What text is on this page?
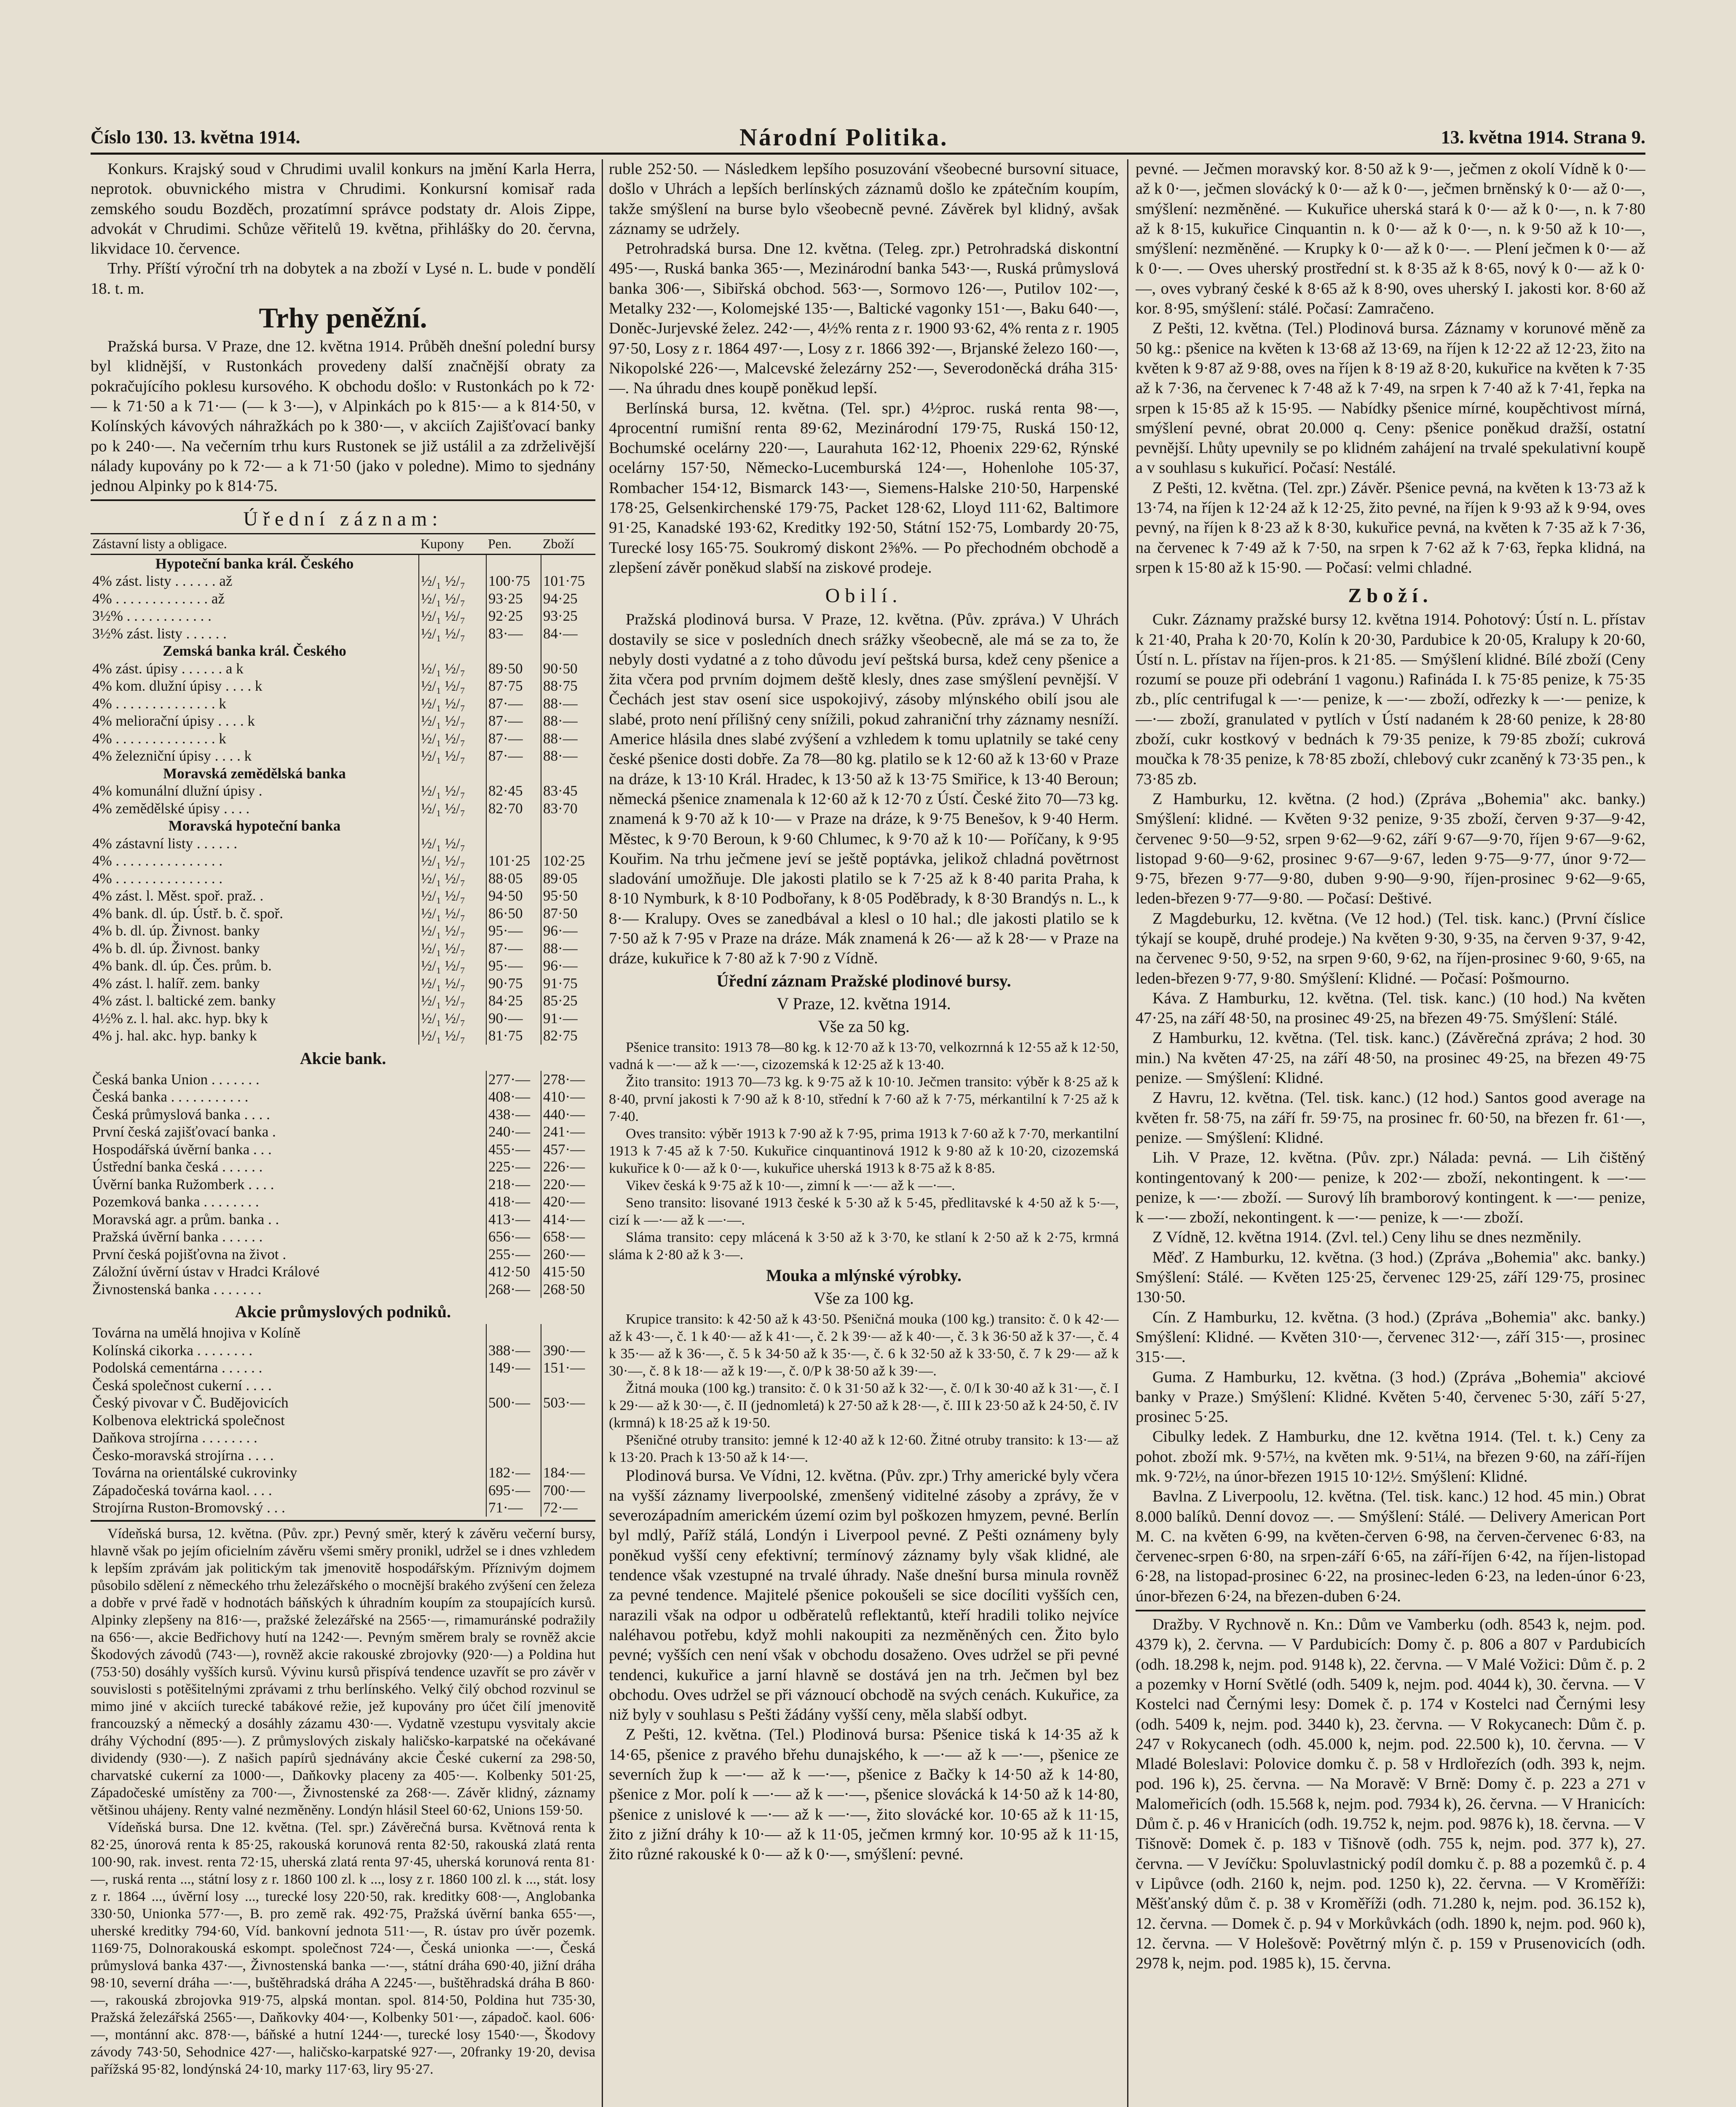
Číslo 130. 13. května 1914.	Národní Politika.	13. května 1914. Strana 9.

Konkurs. Krajský soud v Chrudimi uvalil konkurs na jmění Karla Herra, neprotok. obuvnického mistra v Chrudimi. Konkursní komisař rada zemského soudu Bozděch, prozatímní správce podstaty dr. Alois Zippe, advokát v Chrudimi. Schůze věřitelů 19. května, přihlášky do 20. června, likvidace 10. července.

Trhy. Příští výroční trh na dobytek a na zboží v Lysé n. L. bude v pondělí 18. t. m.

Trhy peněžní.

Pražská bursa. V Praze, dne 12. května 1914. Průběh dnešní polední bursy byl klidnější, v Rustonkách provedeny další značnější obraty za pokračujícího poklesu kursového. K obchodu došlo: v Rustonkách po k 72·— k 71·50 a k 71·— (— k 3·—), v Alpinkách po k 815·— a k 814·50, v Kolínských kávových náhražkách po k 380·—, v akciích Zajišťovací banky po k 240·—. Na večerním trhu kurs Rustonek se již ustálil a za zdrželivější nálady kupovány po k 72·— a k 71·50 (jako v poledne). Mimo to sjednány jednou Alpinky po k 814·75.

Úřední záznam:
Zástavní listy a obligace.	Kupony	Pen.	Zboží
Hypoteční banka král. Českého			
4% zást. listy . . . . . . až	½/₁ ½/₇	100·75	101·75
4% . . . . . . . . . . . . . až	½/₁ ½/₇	93·25	94·25
3½% . . . . . . . . . . . .	½/₁ ½/₇	92·25	93·25
3½% zást. listy . . . . . .	½/₁ ½/₇	83·—	84·—
Zemská banka král. Českého			
4% zást. úpisy . . . . . . a k	½/₁ ½/₇	89·50	90·50
4% kom. dlužní úpisy . . . . k	½/₁ ½/₇	87·75	88·75
4% . . . . . . . . . . . . . . k	½/₁ ½/₇	87·—	88·—
4% meliorační úpisy . . . . k	½/₁ ½/₇	87·—	88·—
4% . . . . . . . . . . . . . . k	½/₁ ½/₇	87·—	88·—
4% železniční úpisy . . . . k	½/₁ ½/₇	87·—	88·—
Moravská zemědělská banka			
4% komunální dlužní úpisy .	½/₁ ½/₇	82·45	83·45
4% zemědělské úpisy . . . .	½/₁ ½/₇	82·70	83·70
Moravská hypoteční banka			
4% zástavní listy . . . . . .	½/₁ ½/₇		
4% . . . . . . . . . . . . . . .	½/₁ ½/₇	101·25	102·25
4% . . . . . . . . . . . . . . .	½/₁ ½/₇	88·05	89·05
4% zást. l. Měst. spoř. praž. .	½/₁ ½/₇	94·50	95·50
4% bank. dl. úp. Ústř. b. č. spoř.	½/₁ ½/₇	86·50	87·50
4% b. dl. úp. Živnost. banky	½/₁ ½/₇	95·—	96·—
4% b. dl. úp. Živnost. banky	½/₁ ½/₇	87·—	88·—
4% bank. dl. úp. Čes. prům. b.	½/₁ ½/₇	95·—	96·—
4% zást. l. halíř. zem. banky	½/₁ ½/₇	90·75	91·75
4% zást. l. baltické zem. banky	½/₁ ½/₇	84·25	85·25
4½% z. l. hal. akc. hyp. bky k	½/₁ ½/₇	90·—	91·—
4% j. hal. akc. hyp. banky k	½/₁ ½/₇	81·75	82·75
Akcie bank.
Česká banka Union . . . . . . .	277·—	278·—
Česká banka . . . . . . . . . . .	408·—	410·—
Česká průmyslová banka . . . .	438·—	440·—
První česká zajišťovací banka .	240·—	241·—
Hospodářská úvěrní banka . . .	455·—	457·—
Ústřední banka česká . . . . . .	225·—	226·—
Úvěrní banka Ružomberk . . . .	218·—	220·—
Pozemková banka . . . . . . . .	418·—	420·—
Moravská agr. a prům. banka . .	413·—	414·—
Pražská úvěrní banka . . . . . .	656·—	658·—
První česká pojišťovna na život .	255·—	260·—
Záložní úvěrní ústav v Hradci Králové	412·50	415·50
Živnostenská banka . . . . . . .	268·—	268·50
Akcie průmyslových podniků.
Továrna na umělá hnojiva v Kolíně		
Kolínská cikorka . . . . . . . .	388·—	390·—
Podolská cementárna . . . . . .	149·—	151·—
Česká společnost cukerní . . . .		
Český pivovar v Č. Budějovicích	500·—	503·—
Kolbenova elektrická společnost		
Daňkova strojírna . . . . . . . .		
Česko-moravská strojírna . . . .		
Továrna na orientálské cukrovinky	182·—	184·—
Západočeská továrna kaol. . . .	695·—	700·—
Strojírna Ruston-Bromovský . . .	71·—	72·—

Vídeňská bursa, 12. května. (Pův. zpr.) Pevný směr, který k závěru večerní bursy, hlavně však po jejím oficielním závěru všemi směry pronikl, udržel se i dnes vzhledem k lepším zprávám jak politickým tak jmenovitě hospodářským. Příznivým dojmem působilo sdělení z německého trhu železářského o mocnější brakého zvýšení cen železa a dobře v prvé řadě v hodnotách báňských k úhradním koupím za stoupajících kursů. Alpinky zlepšeny na 816·—, pražské železářské na 2565·—, rimamuránské podražily na 656·—, akcie Bedřichovy hutí na 1242·—. Pevným směrem braly se rovněž akcie Škodových závodů (743·—), rovněž akcie rakouské zbrojovky (920·—) a Poldina hut (753·50) dosáhly vyšších kursů. Vývinu kursů přispívá tendence uzavřít se pro závěr v souvislosti s potěšitelnými zprávami z trhu berlínského. Velký čilý obchod rozvinul se mimo jiné v akciích turecké tabákové režie, jež kupovány pro účet čilí jmenovitě francouzský a německý a dosáhly zázamu 430·—. Vydatně vzestupu vysvitaly akcie dráhy Východní (895·—). Z průmyslových ziskaly haličsko-karpatské na očekávané dividendy (930·—). Z našich papírů sjednávány akcie České cukerní za 298·50, charvatské cukerní za 1000·—, Daňkovky placeny za 405·—. Kolbenky 501·25, Západočeské umístěny za 700·—, Živnostenské za 268·—. Závěr klidný, záznamy většinou uhájeny. Renty valné nezměněny. Londýn hlásil Steel 60·62, Unions 159·50.

Vídeňská bursa. Dne 12. května. (Tel. spr.) Závěrečná bursa. Květnová renta k 82·25, únorová renta k 85·25, rakouská korunová renta 82·50, rakouská zlatá renta 100·90, rak. invest. renta 72·15, uherská zlatá renta 97·45, uherská korunová renta 81·—, ruská renta ..., státní losy z r. 1860 100 zl. k ..., losy z r. 1860 100 zl. k ..., stát. losy z r. 1864 ..., úvěrní losy ..., turecké losy 220·50, rak. kreditky 608·—, Anglobanka 330·50, Unionka 577·—, B. pro země rak. 492·75, Pražská úvěrní banka 655·—, uherské kreditky 794·60, Víd. bankovní jednota 511·—, R. ústav pro úvěr pozemk. 1169·75, Dolnorakouská eskompt. společnost 724·—, Česká unionka —·—, Česká průmyslová banka 437·—, Živnostenská banka —·—, státní dráha 690·40, jižní dráha 98·10, severní dráha —·—, buštěhradská dráha A 2245·—, buštěhradská dráha B 860·—, rakouská zbrojovka 919·75, alpská montan. spol. 814·50, Poldina hut 735·30, Pražská železářská 2565·—, Daňkovky 404·—, Kolbenky 501·—, západoč. kaol. 606·—, montánní akc. 878·—, báňské a hutní 1244·—, turecké losy 1540·—, Škodovy závody 743·50, Sehodnice 427·—, haličsko-karpatské 927·—, 20franky 19·20, devisa pařížská 95·82, londýnská 24·10, marky 117·63, liry 95·27.

ruble 252·50. — Následkem lepšího posuzování všeobecné bursovní situace, došlo v Uhrách a lepších berlínských záznamů došlo ke zpátečním koupím, takže smýšlení na burse bylo všeobecně pevné. Závěrek byl klidný, avšak záznamy se udržely.

Petrohradská bursa. Dne 12. května. (Teleg. zpr.) Petrohradská diskontní 495·—, Ruská banka 365·—, Mezinárodní banka 543·—, Ruská průmyslová banka 306·—, Sibiřská obchod. 563·—, Sormovo 126·—, Putilov 102·—, Metalky 232·—, Kolomejské 135·—, Baltické vagonky 151·—, Baku 640·—, Doněc-Jurjevské želez. 242·—, 4½% renta z r. 1900 93·62, 4% renta z r. 1905 97·50, Losy z r. 1864 497·—, Losy z r. 1866 392·—, Brjanské železo 160·—, Nikopolské 226·—, Malcevské železárny 252·—, Severodoněcká dráha 315·—. Na úhradu dnes koupě poněkud lepší.

Berlínská bursa, 12. května. (Tel. spr.) 4½proc. ruská renta 98·—, 4procentní rumišní renta 89·62, Mezinárodní 179·75, Ruská 150·12, Bochumské ocelárny 220·—, Laurahuta 162·12, Phoenix 229·62, Rýnské ocelárny 157·50, Německo-Lucemburská 124·—, Hohenlohe 105·37, Rombacher 154·12, Bismarck 143·—, Siemens-Halske 210·50, Harpenské 178·25, Gelsenkirchenské 179·75, Packet 128·62, Lloyd 111·62, Baltimore 91·25, Kanadské 193·62, Kreditky 192·50, Státní 152·75, Lombardy 20·75, Turecké losy 165·75. Soukromý diskont 2⅝%. — Po přechodném obchodě a zlepšení závěr poněkud slabší na ziskové prodeje.

Obilí.

Pražská plodinová bursa. V Praze, 12. května. (Pův. zpráva.) V Uhrách dostavily se sice v posledních dnech srážky všeobecně, ale má se za to, že nebyly dosti vydatné a z toho důvodu jeví peštská bursa, kdež ceny pšenice a žita včera pod prvním dojmem deště klesly, dnes zase smýšlení pevnější. V Čechách jest stav osení sice uspokojivý, zásoby mlýnského obilí jsou ale slabé, proto není přílišný ceny snížili, pokud zahraniční trhy záznamy nesníží. Americe hlásila dnes slabé zvýšení a vzhledem k tomu uplatnily se také ceny české pšenice dosti dobře. Za 78—80 kg. platilo se k 12·60 až k 13·60 v Praze na dráze, k 13·10 Král. Hradec, k 13·50 až k 13·75 Smiřice, k 13·40 Beroun; německá pšenice znamenala k 12·60 až k 12·70 z Ústí. České žito 70—73 kg. znamená k 9·70 až k 10·— v Praze na dráze, k 9·75 Benešov, k 9·40 Herm. Městec, k 9·70 Beroun, k 9·60 Chlumec, k 9·70 až k 10·— Poříčany, k 9·95 Kouřim. Na trhu ječmene jeví se ještě poptávka, jelikož chladná povětrnost sladování umožňuje. Dle jakosti platilo se k 7·25 až k 8·40 parita Praha, k 8·10 Nymburk, k 8·10 Podbořany, k 8·05 Poděbrady, k 8·30 Brandýs n. L., k 8·— Kralupy. Oves se zanedbával a klesl o 10 hal.; dle jakosti platilo se k 7·50 až k 7·95 v Praze na dráze. Mák znamená k 26·— až k 28·— v Praze na dráze, kukuřice k 7·80 až k 7·90 z Vídně.

Úřední záznam Pražské plodinové bursy.
V Praze, 12. května 1914.
Vše za 50 kg.

Pšenice transito: 1913 78—80 kg. k 12·70 až k 13·70, velkozrnná k 12·55 až k 12·50, vadná k —·— až k —·—, cizozemská k 12·25 až k 13·40.

Žito transito: 1913 70—73 kg. k 9·75 až k 10·10. Ječmen transito: výběr k 8·25 až k 8·40, první jakosti k 7·90 až k 8·10, střední k 7·60 až k 7·75, mérkantilní k 7·25 až k 7·40.

Oves transito: výběr 1913 k 7·90 až k 7·95, prima 1913 k 7·60 až k 7·70, merkantilní 1913 k 7·45 až k 7·50. Kukuřice cinquantinová 1912 k 9·80 až k 10·20, cizozemská kukuřice k 0·— až k 0·—, kukuřice uherská 1913 k 8·75 až k 8·85.

Vikev česká k 9·75 až k 10·—, zimní k —·— až k —·—.

Seno transito: lisované 1913 české k 5·30 až k 5·45, předlitavské k 4·50 až k 5·—, cizí k —·— až k —·—.

Sláma transito: cepy mlácená k 3·50 až k 3·70, ke stlaní k 2·50 až k 2·75, krmná sláma k 2·80 až k 3·—.

Mouka a mlýnské výrobky.
Vše za 100 kg.

Krupice transito: k 42·50 až k 43·50. Pšeničná mouka (100 kg.) transito: č. 0 k 42·— až k 43·—, č. 1 k 40·— až k 41·—, č. 2 k 39·— až k 40·—, č. 3 k 36·50 až k 37·—, č. 4 k 35·— až k 36·—, č. 5 k 34·50 až k 35·—, č. 6 k 32·50 až k 33·50, č. 7 k 29·— až k 30·—, č. 8 k 18·— až k 19·—, č. 0/P k 38·50 až k 39·—.

Žitná mouka (100 kg.) transito: č. 0 k 31·50 až k 32·—, č. 0/I k 30·40 až k 31·—, č. I k 29·— až k 30·—, č. II (jednomletá) k 27·50 až k 28·—, č. III k 23·50 až k 24·50, č. IV (krmná) k 18·25 až k 19·50.

Pšeničné otruby transito: jemné k 12·40 až k 12·60. Žitné otruby transito: k 13·— až k 13·20. Prach k 13·50 až k 14·—.

Plodinová bursa. Ve Vídni, 12. května. (Pův. zpr.) Trhy americké byly včera na vyšší záznamy liverpoolské, zmenšený viditelné zásoby a zprávy, že v severozápadním americkém území ozim byl poškozen hmyzem, pevné. Berlín byl mdlý, Paříž stálá, Londýn i Liverpool pevné. Z Pešti oznámeny byly poněkud vyšší ceny efektivní; termínový záznamy byly však klidné, ale tendence však vzestupné na trvalé úhrady. Naše dnešní bursa minula rovněž za pevné tendence. Majitelé pšenice pokoušeli se sice docíliti vyšších cen, narazili však na odpor u odběratelů reflektantů, kteří hradili toliko nejvíce naléhavou potřebu, když mohli nakoupiti za nezměněných cen. Žito bylo pevné; vyšších cen není však v obchodu dosaženo. Oves udržel se při pevné tendenci, kukuřice a jarní hlavně se dostává jen na trh. Ječmen byl bez obchodu. Oves udržel se při váznoucí obchodě na svých cenách. Kukuřice, za niž byly v souhlasu s Pešti žádány vyšší ceny, měla slabší odbyt.

Z Pešti, 12. května. (Tel.) Plodinová bursa: Pšenice tiská k 14·35 až k 14·65, pšenice z pravého břehu dunajského, k —·— až k —·—, pšenice ze severních žup k —·— až k —·—, pšenice z Bačky k 14·50 až k 14·80, pšenice z Mor. polí k —·— až k —·—, pšenice slovácká k 14·50 až k 14·80, pšenice z unislové k —·— až k —·—, žito slovácké kor. 10·65 až k 11·15, žito z jižní dráhy k 10·— až k 11·05, ječmen krmný kor. 10·95 až k 11·15, žito různé rakouské k 0·— až k 0·—, smýšlení: pevné.

pevné. — Ječmen moravský kor. 8·50 až k 9·—, ječmen z okolí Vídně k 0·— až k 0·—, ječmen slovácký k 0·— až k 0·—, ječmen brněnský k 0·— až 0·—, smýšlení: nezměněné. — Kukuřice uherská stará k 0·— až k 0·—, n. k 7·80 až k 8·15, kukuřice Cinquantin n. k 0·— až k 0·—, n. k 9·50 až k 10·—, smýšlení: nezměněné. — Krupky k 0·— až k 0·—. — Plení ječmen k 0·— až k 0·—. — Oves uherský prostřední st. k 8·35 až k 8·65, nový k 0·— až k 0·—, oves vybraný české k 8·65 až k 8·90, oves uherský I. jakosti kor. 8·60 až kor. 8·95, smýšlení: stálé. Počasí: Zamračeno.

Z Pešti, 12. května. (Tel.) Plodinová bursa. Záznamy v korunové měně za 50 kg.: pšenice na květen k 13·68 až 13·69, na říjen k 12·22 až 12·23, žito na květen k 9·87 až 9·88, oves na říjen k 8·19 až 8·20, kukuřice na květen k 7·35 až k 7·36, na červenec k 7·48 až k 7·49, na srpen k 7·40 až k 7·41, řepka na srpen k 15·85 až k 15·95. — Nabídky pšenice mírné, koupěchtivost mírná, smýšlení pevné, obrat 20.000 q. Ceny: pšenice poněkud dražší, ostatní pevnější. Lhůty upevnily se po klidném zahájení na trvalé spekulativní koupě a v souhlasu s kukuřicí. Počasí: Nestálé.

Z Pešti, 12. května. (Tel. zpr.) Závěr. Pšenice pevná, na květen k 13·73 až k 13·74, na říjen k 12·24 až k 12·25, žito pevné, na říjen k 9·93 až k 9·94, oves pevný, na říjen k 8·23 až k 8·30, kukuřice pevná, na květen k 7·35 až k 7·36, na červenec k 7·49 až k 7·50, na srpen k 7·62 až k 7·63, řepka klidná, na srpen k 15·80 až k 15·90. — Počasí: velmi chladné.

Zboží.

Cukr. Záznamy pražské bursy 12. května 1914. Pohotový: Ústí n. L. přístav k 21·40, Praha k 20·70, Kolín k 20·30, Pardubice k 20·05, Kralupy k 20·60, Ústí n. L. přístav na říjen-pros. k 21·85. — Smýšlení klidné. Bílé zboží (Ceny rozumí se pouze při odebrání 1 vagonu.) Rafináda I. k 75·85 penize, k 75·35 zb., plíc centrifugal k —·— penize, k —·— zboží, odřezky k —·— penize, k —·— zboží, granulated v pytlích v Ústí nadaném k 28·60 penize, k 28·80 zboží, cukr kostkový v bednách k 79·35 penize, k 79·85 zboží; cukrová moučka k 78·35 penize, k 78·85 zboží, chlebový cukr zcaněný k 73·35 pen., k 73·85 zb.

Z Hamburku, 12. května. (2 hod.) (Zpráva „Bohemia" akc. banky.) Smýšlení: klidné. — Květen 9·32 penize, 9·35 zboží, červen 9·37—9·42, červenec 9·50—9·52, srpen 9·62—9·62, září 9·67—9·70, říjen 9·67—9·62, listopad 9·60—9·62, prosinec 9·67—9·67, leden 9·75—9·77, únor 9·72—9·75, březen 9·77—9·80, duben 9·90—9·90, říjen-prosinec 9·62—9·65, leden-březen 9·77—9·80. — Počasí: Deštivé.

Z Magdeburku, 12. května. (Ve 12 hod.) (Tel. tisk. kanc.) (První číslice týkají se koupě, druhé prodeje.) Na květen 9·30, 9·35, na červen 9·37, 9·42, na červenec 9·50, 9·52, na srpen 9·60, 9·62, na říjen-prosinec 9·60, 9·65, na leden-březen 9·77, 9·80. Smýšlení: Klidné. — Počasí: Pošmourno.

Káva. Z Hamburku, 12. května. (Tel. tisk. kanc.) (10 hod.) Na květen 47·25, na září 48·50, na prosinec 49·25, na březen 49·75. Smýšlení: Stálé.

Z Hamburku, 12. května. (Tel. tisk. kanc.) (Závěrečná zpráva; 2 hod. 30 min.) Na květen 47·25, na září 48·50, na prosinec 49·25, na březen 49·75 penize. — Smýšlení: Klidné.

Z Havru, 12. května. (Tel. tisk. kanc.) (12 hod.) Santos good average na květen fr. 58·75, na září fr. 59·75, na prosinec fr. 60·50, na březen fr. 61·—, penize. — Smýšlení: Klidné.

Lih. V Praze, 12. května. (Pův. zpr.) Nálada: pevná. — Lih čištěný kontingentovaný k 200·— penize, k 202·— zboží, nekontingent. k —·— penize, k —·— zboží. — Surový líh bramborový kontingent. k —·— penize, k —·— zboží, nekontingent. k —·— penize, k —·— zboží.

Z Vídně, 12. května 1914. (Zvl. tel.) Ceny lihu se dnes nezměnily.

Měď. Z Hamburku, 12. května. (3 hod.) (Zpráva „Bohemia" akc. banky.) Smýšlení: Stálé. — Květen 125·25, červenec 129·25, září 129·75, prosinec 130·50.

Cín. Z Hamburku, 12. května. (3 hod.) (Zpráva „Bohemia" akc. banky.) Smýšlení: Klidné. — Květen 310·—, červenec 312·—, září 315·—, prosinec 315·—.

Guma. Z Hamburku, 12. května. (3 hod.) (Zpráva „Bohemia" akciové banky v Praze.) Smýšlení: Klidné. Květen 5·40, červenec 5·30, září 5·27, prosinec 5·25.

Cibulky ledek. Z Hamburku, dne 12. května 1914. (Tel. t. k.) Ceny za pohot. zboží mk. 9·57½, na květen mk. 9·51¼, na březen 9·60, na září-říjen mk. 9·72½, na únor-březen 1915 10·12½. Smýšlení: Klidné.

Bavlna. Z Liverpoolu, 12. května. (Tel. tisk. kanc.) 12 hod. 45 min.) Obrat 8.000 balíků. Denní dovoz —. — Smýšlení: Stálé. — Delivery American Port M. C. na květen 6·99, na květen-červen 6·98, na červen-červenec 6·83, na červenec-srpen 6·80, na srpen-září 6·65, na září-říjen 6·42, na říjen-listopad 6·28, na listopad-prosinec 6·22, na prosinec-leden 6·23, na leden-únor 6·23, únor-březen 6·24, na březen-duben 6·24.

Dražby. V Rychnově n. Kn.: Dům ve Vamberku (odh. 8543 k, nejm. pod. 4379 k), 2. června. — V Pardubicích: Domy č. p. 806 a 807 v Pardubicích (odh. 18.298 k, nejm. pod. 9148 k), 22. června. — V Malé Vožici: Dům č. p. 2 a pozemky v Horní Světlé (odh. 5409 k, nejm. pod. 4044 k), 30. června. — V Kostelci nad Černými lesy: Domek č. p. 174 v Kostelci nad Černými lesy (odh. 5409 k, nejm. pod. 3440 k), 23. června. — V Rokycanech: Dům č. p. 247 v Rokycanech (odh. 45.000 k, nejm. pod. 22.500 k), 10. června. — V Mladé Boleslavi: Polovice domku č. p. 58 v Hrdlořezích (odh. 393 k, nejm. pod. 196 k), 25. června. — Na Moravě: V Brně: Domy č. p. 223 a 271 v Malomeřicích (odh. 15.568 k, nejm. pod. 7934 k), 26. června. — V Hranicích: Dům č. p. 46 v Hranicích (odh. 19.752 k, nejm. pod. 9876 k), 18. června. — V Tišnově: Domek č. p. 183 v Tišnově (odh. 755 k, nejm. pod. 377 k), 27. června. — V Jevíčku: Spoluvlastnický podíl domku č. p. 88 a pozemků č. p. 4 v Lipůvce (odh. 2160 k, nejm. pod. 1250 k), 22. června. — V Kroměříži: Měšťanský dům č. p. 38 v Kroměříži (odh. 71.280 k, nejm. pod. 36.152 k), 12. června. — Domek č. p. 94 v Morkůvkách (odh. 1890 k, nejm. pod. 960 k), 12. června. — V Holešově: Povětrný mlýn č. p. 159 v Prusenovicích (odh. 2978 k, nejm. pod. 1985 k), 15. června.
